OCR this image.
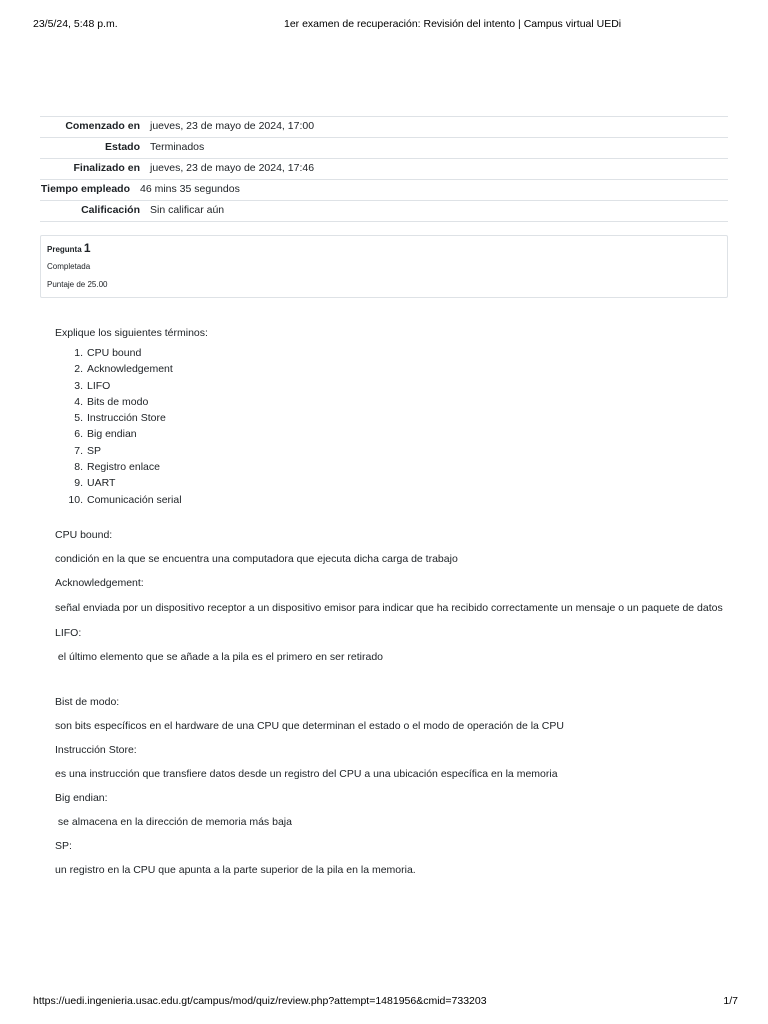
23/5/24, 5:48 p.m.	1er examen de recuperación: Revisión del intento | Campus virtual UEDi
Comenzado en jueves, 23 de mayo de 2024, 17:00
Estado Terminados
Finalizado en jueves, 23 de mayo de 2024, 17:46
Tiempo empleado 46 mins 35 segundos
Calificación Sin calificar aún
Pregunta 1
Completada
Puntaje de 25.00

Explique los siguientes términos:

1. CPU bound
2. Acknowledgement
3. LIFO
4. Bits de modo
5. Instrucción Store
6. Big endian
7. SP
8. Registro enlace
9. UART
10. Comunicación serial
CPU bound:
condición en la que se encuentra una computadora que ejecuta dicha carga de trabajo
Acknowledgement:
señal enviada por un dispositivo receptor a un dispositivo emisor para indicar que ha recibido correctamente un mensaje o un paquete de datos
LIFO:
el último elemento que se añade a la pila es el primero en ser retirado
Bist de modo:
son bits específicos en el hardware de una CPU que determinan el estado o el modo de operación de la CPU
Instrucción Store:
es una instrucción que transfiere datos desde un registro del CPU a una ubicación específica en la memoria
Big endian:
se almacena en la dirección de memoria más baja
SP:
un registro en la CPU que apunta a la parte superior de la pila en la memoria.
https://uedi.ingenieria.usac.edu.gt/campus/mod/quiz/review.php?attempt=1481956&cmid=733203	1/7
